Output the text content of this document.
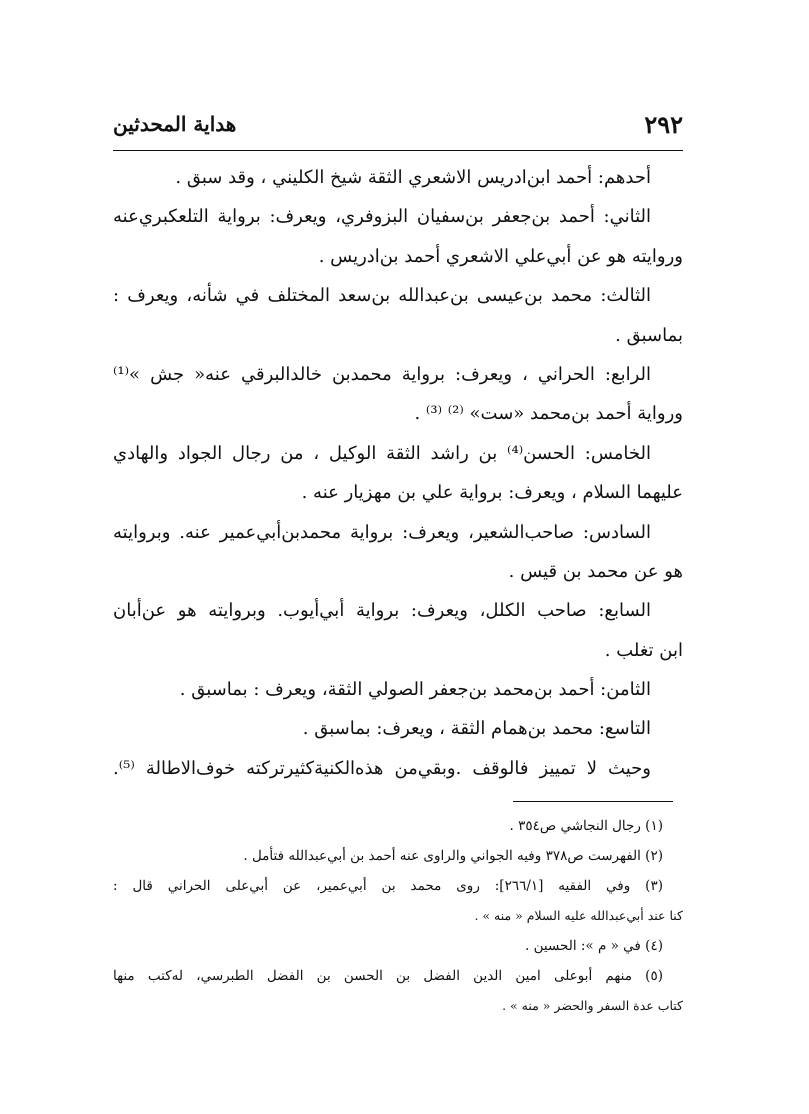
٢٩٢
هداية المحدثين
أحدهم: أحمد ابن‌ادريس الاشعري الثقة شيخ الكليني ، وقد سبق .
الثاني: أحمد بن‌جعفر بن‌سفيان البزوفري، ويعرف: برواية التلعكبري‌عنه
وروايته هو عن أبي‌علي الاشعري أحمد بن‌ادريس .
الثالث: محمد بن‌عيسى بن‌عبدالله بن‌سعد المختلف في شأنه، ويعرف :
بماسبق .
الرابع: الحراني ، ويعرف: برواية محمدبن خالدالبرقي عنه« جش »⁽¹⁾
ورواية أحمد بن‌محمد «ست» ⁽²⁾ ⁽³⁾ .
الخامس: الحسن⁽⁴⁾ بن راشد الثقة الوكيل ، من رجال الجواد والهادي
عليهما السلام ، ويعرف: برواية علي بن مهزيار عنه .
السادس: صاحب‌الشعير، ويعرف: برواية محمدبن‌أبي‌عمير عنه. وبروايته
هو عن محمد بن قيس .
السابع: صاحب الكلل، ويعرف: برواية أبي‌أيوب. وبروايته هو عن‌أبان
ابن تغلب .
الثامن: أحمد بن‌محمد بن‌جعفر الصولي الثقة، ويعرف : بماسبق .
التاسع: محمد بن‌همام الثقة ، ويعرف: بماسبق .
وحيث لا تمييز فالوقف .وبقي‌من هذه‌الكنية‌كثيرتركته خوف‌الاطالة ⁽⁵⁾.
(١) رجال النجاشي ص٣٥٤ .
(٢) الفهرست ص٣٧٨ وفيه الجواني والراوى عنه أحمد بن أبي‌عبدالله فتأمل .
(٣) وفي الفقيه [٢٦٦/١]: روى محمد بن أبي‌عمير، عن أبي‌على الحراني قال :
كنا عند أبي‌عبدالله عليه السلام « منه » .
(٤) في « م »: الحسين .
(٥) منهم أبوعلى امين الدين الفضل بن الحسن بن الفضل الطبرسي، له‌كتب منها
كتاب عدة السفر والحضر « منه » .
